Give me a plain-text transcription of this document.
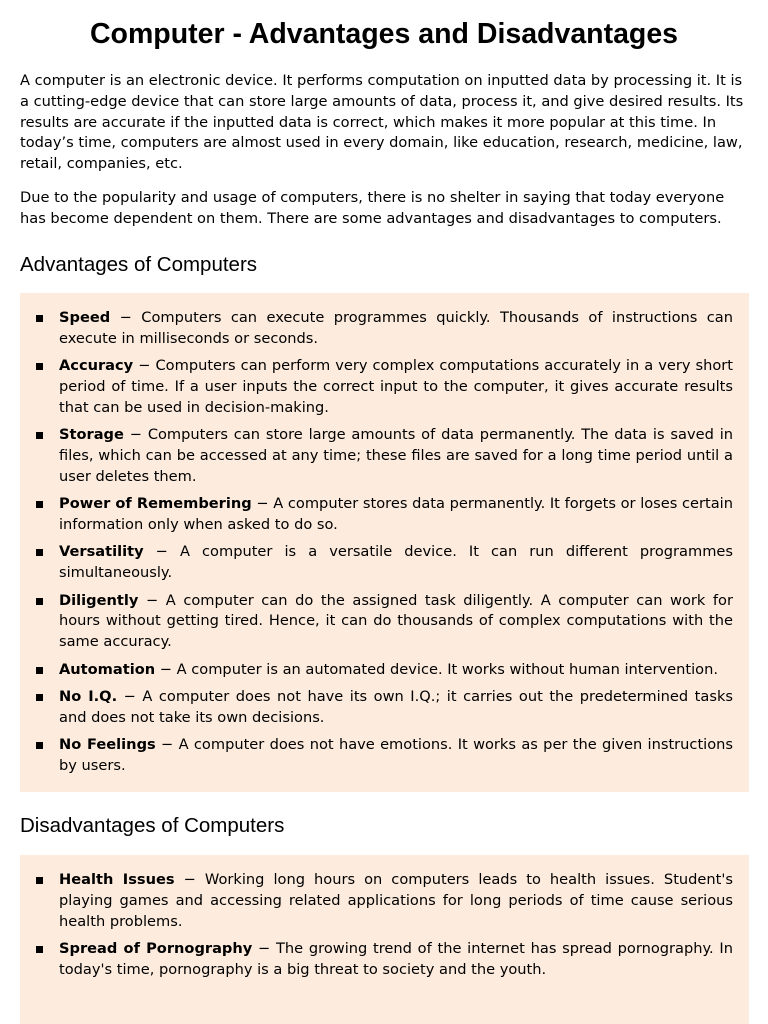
Computer - Advantages and Disadvantages

A computer is an electronic device. It performs computation on inputted data by processing it. It is a cutting-edge device that can store large amounts of data, process it, and give desired results. Its results are accurate if the inputted data is correct, which makes it more popular at this time. In today’s time, computers are almost used in every domain, like education, research, medicine, law, retail, companies, etc.

Due to the popularity and usage of computers, there is no shelter in saying that today everyone has become dependent on them. There are some advantages and disadvantages to computers.

Advantages of Computers
Speed − Computers can execute programmes quickly. Thousands of instructions can execute in milliseconds or seconds.
Accuracy − Computers can perform very complex computations accurately in a very short period of time. If a user inputs the correct input to the computer, it gives accurate results that can be used in decision-making.
Storage − Computers can store large amounts of data permanently. The data is saved in files, which can be accessed at any time; these files are saved for a long time period until a user deletes them.
Power of Remembering − A computer stores data permanently. It forgets or loses certain information only when asked to do so.
Versatility − A computer is a versatile device. It can run different programmes simultaneously.
Diligently − A computer can do the assigned task diligently. A computer can work for hours without getting tired. Hence, it can do thousands of complex computations with the same accuracy.
Automation − A computer is an automated device. It works without human intervention.
No I.Q. − A computer does not have its own I.Q.; it carries out the predetermined tasks and does not take its own decisions.
No Feelings − A computer does not have emotions. It works as per the given instructions by users.
Disadvantages of Computers
Health Issues − Working long hours on computers leads to health issues. Student's playing games and accessing related applications for long periods of time cause serious health problems.
Spread of Pornography − The growing trend of the internet has spread pornography. In today's time, pornography is a big threat to society and the youth.
